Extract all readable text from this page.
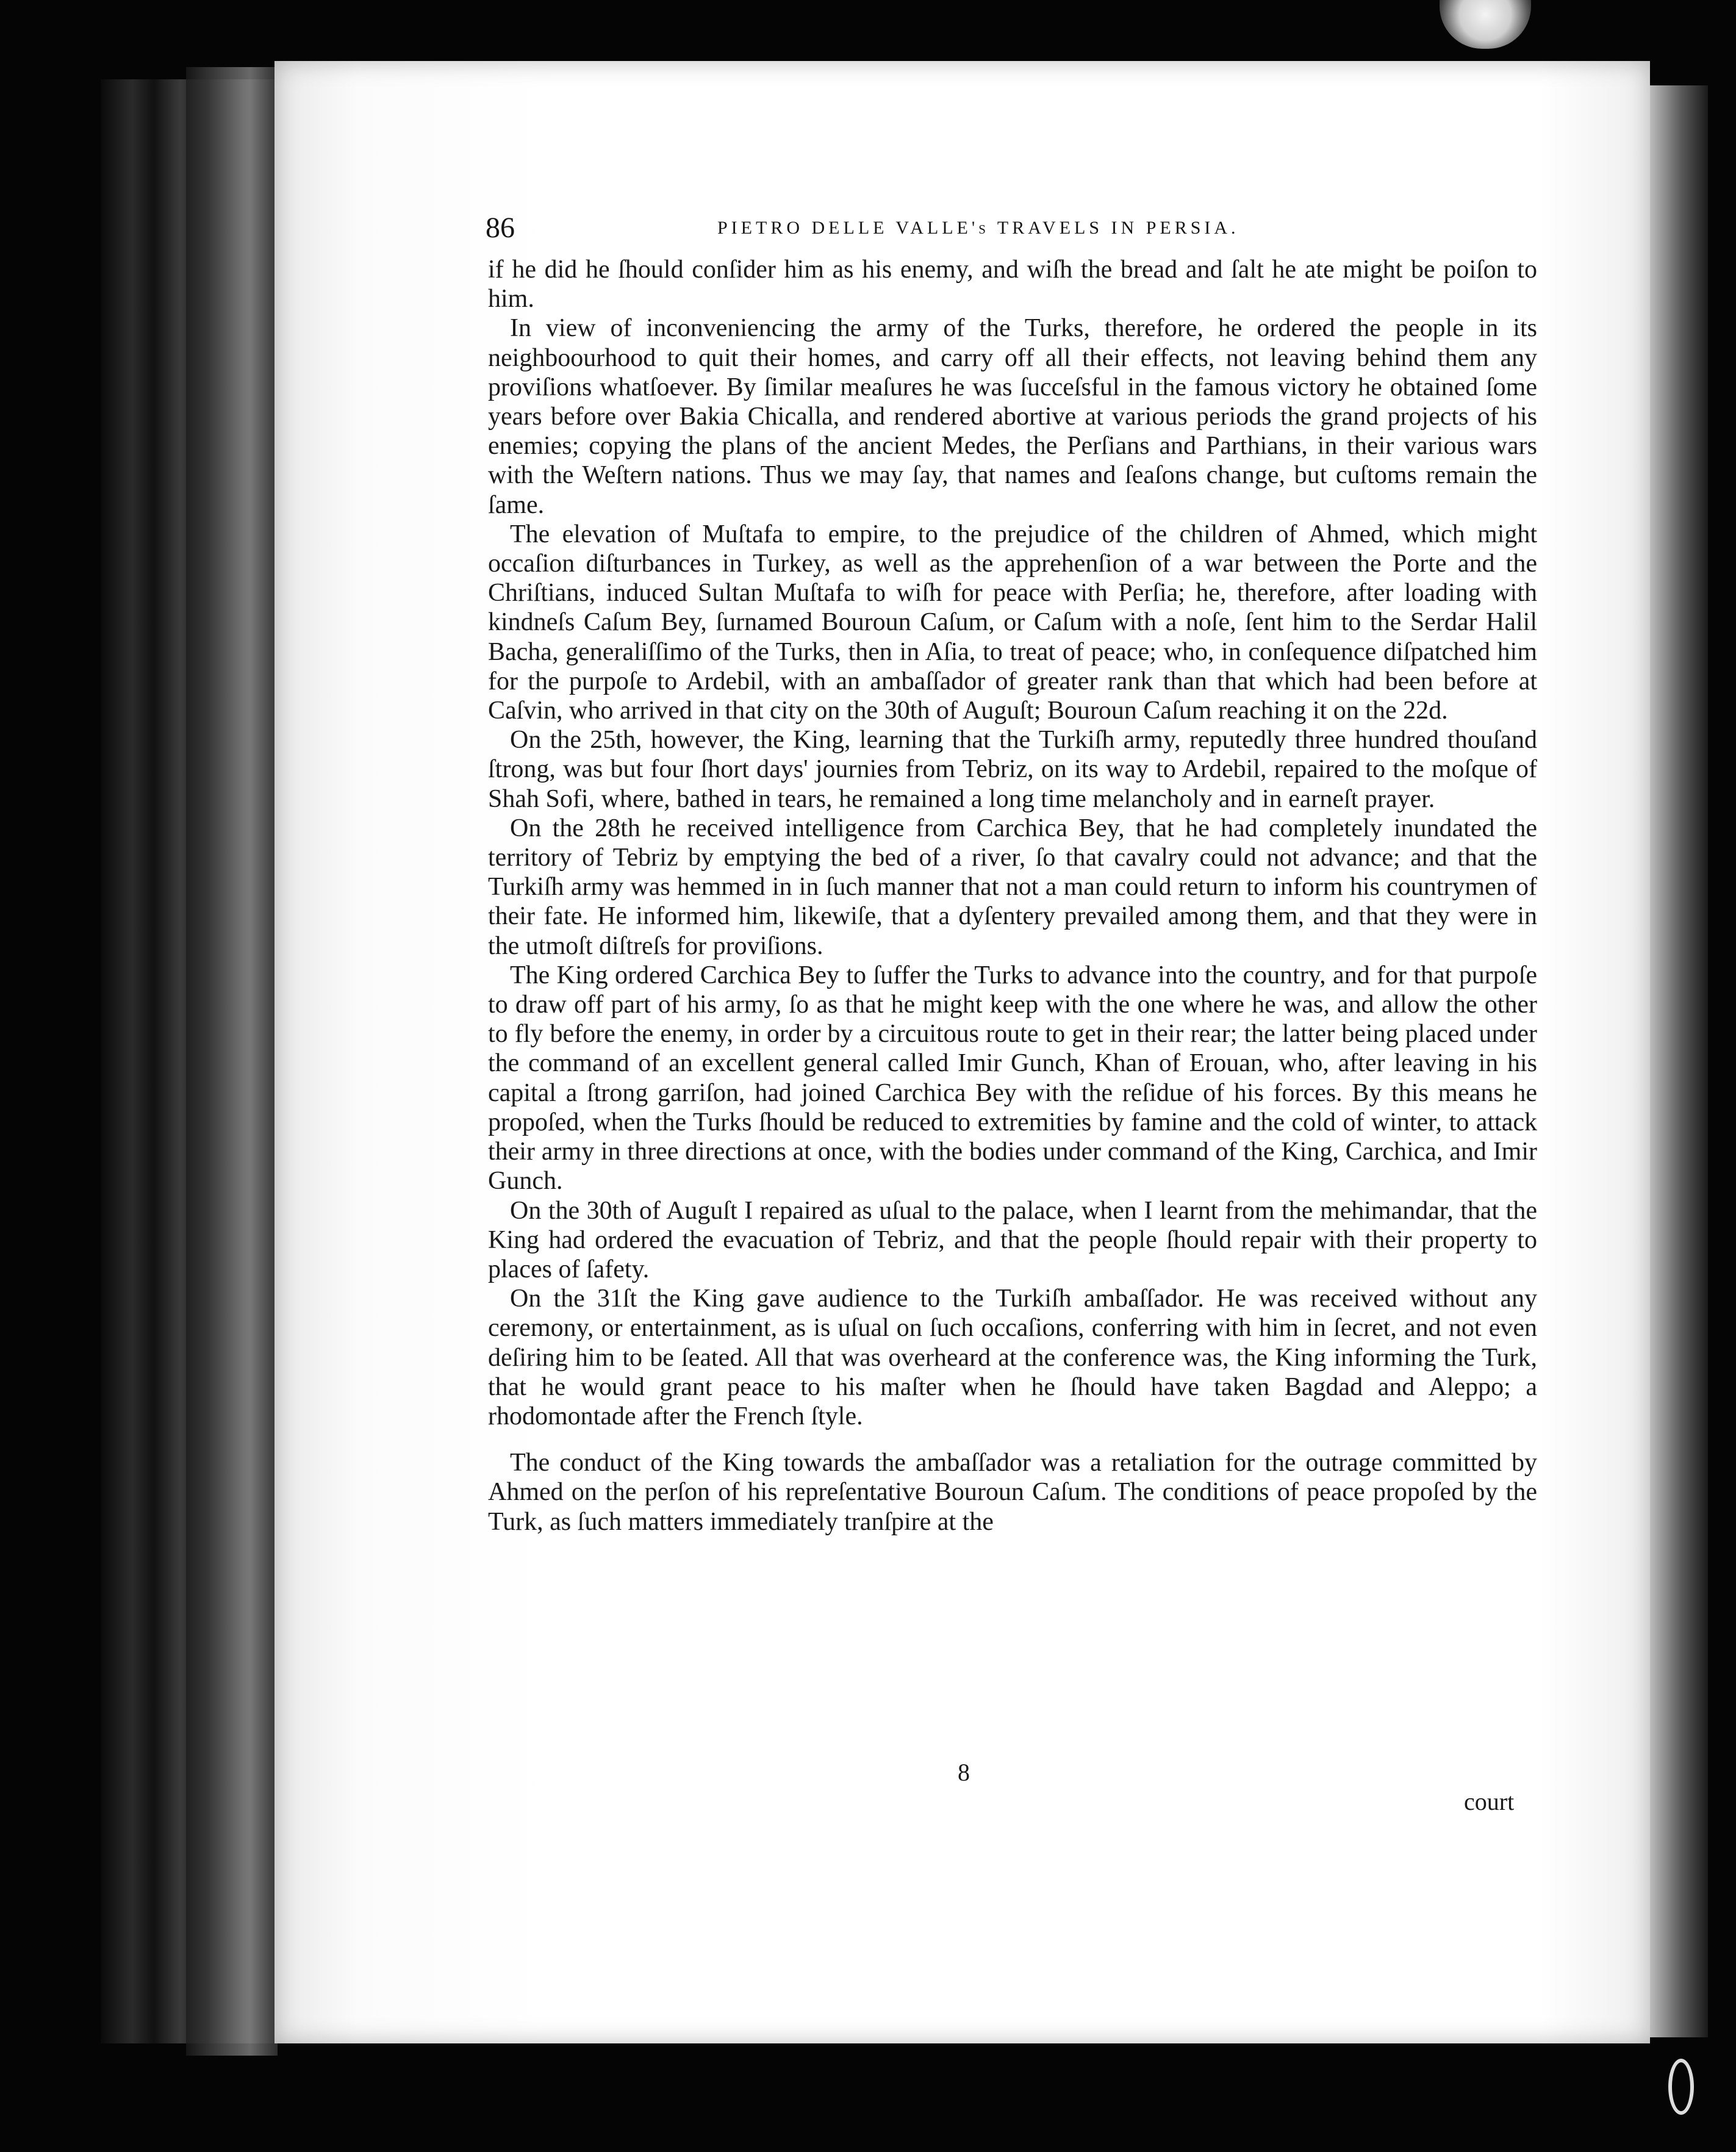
86	PIETRO DELLE VALLE's TRAVELS IN PERSIA.

if he did he ſhould conſider him as his enemy, and wiſh the bread and ſalt he ate might be poiſon to him.

In view of inconveniencing the army of the Turks, therefore, he ordered the people in its neighboourhood to quit their homes, and carry off all their effects, not leaving behind them any proviſions whatſoever. By ſimilar meaſures he was ſucceſsful in the famous victory he obtained ſome years before over Bakia Chicalla, and rendered abortive at various periods the grand projects of his enemies; copying the plans of the ancient Medes, the Perſians and Parthians, in their various wars with the Weſtern nations. Thus we may ſay, that names and ſeaſons change, but cuſtoms remain the ſame.

The elevation of Muſtafa to empire, to the prejudice of the children of Ahmed, which might occaſion diſturbances in Turkey, as well as the apprehenſion of a war between the Porte and the Chriſtians, induced Sultan Muſtafa to wiſh for peace with Perſia; he, therefore, after loading with kindneſs Caſum Bey, ſurnamed Bouroun Caſum, or Caſum with a noſe, ſent him to the Serdar Halil Bacha, generaliſſimo of the Turks, then in Aſia, to treat of peace; who, in conſequence diſpatched him for the purpoſe to Ardebil, with an ambaſſador of greater rank than that which had been before at Caſvin, who arrived in that city on the 30th of Auguſt; Bouroun Caſum reaching it on the 22d.

On the 25th, however, the King, learning that the Turkiſh army, reputedly three hundred thouſand ſtrong, was but four ſhort days' journies from Tebriz, on its way to Ardebil, repaired to the moſque of Shah Sofi, where, bathed in tears, he remained a long time melancholy and in earneſt prayer.

On the 28th he received intelligence from Carchica Bey, that he had completely inundated the territory of Tebriz by emptying the bed of a river, ſo that cavalry could not advance; and that the Turkiſh army was hemmed in in ſuch manner that not a man could return to inform his countrymen of their fate. He informed him, likewiſe, that a dyſentery prevailed among them, and that they were in the utmoſt diſtreſs for proviſions.

The King ordered Carchica Bey to ſuffer the Turks to advance into the country, and for that purpoſe to draw off part of his army, ſo as that he might keep with the one where he was, and allow the other to fly before the enemy, in order by a circuitous route to get in their rear; the latter being placed under the command of an excellent general called Imir Gunch, Khan of Erouan, who, after leaving in his capital a ſtrong garriſon, had joined Carchica Bey with the reſidue of his forces. By this means he propoſed, when the Turks ſhould be reduced to extremities by famine and the cold of winter, to attack their army in three directions at once, with the bodies under command of the King, Carchica, and Imir Gunch.

On the 30th of Auguſt I repaired as uſual to the palace, when I learnt from the mehimandar, that the King had ordered the evacuation of Tebriz, and that the people ſhould repair with their property to places of ſafety.

On the 31ſt the King gave audience to the Turkiſh ambaſſador. He was received without any ceremony, or entertainment, as is uſual on ſuch occaſions, conferring with him in ſecret, and not even deſiring him to be ſeated. All that was overheard at the conference was, the King informing the Turk, that he would grant peace to his maſter when he ſhould have taken Bagdad and Aleppo; a rhodomontade after the French ſtyle.

The conduct of the King towards the ambaſſador was a retaliation for the outrage committed by Ahmed on the perſon of his repreſentative Bouroun Caſum. The conditions of peace propoſed by the Turk, as ſuch matters immediately tranſpire at the

8
court
